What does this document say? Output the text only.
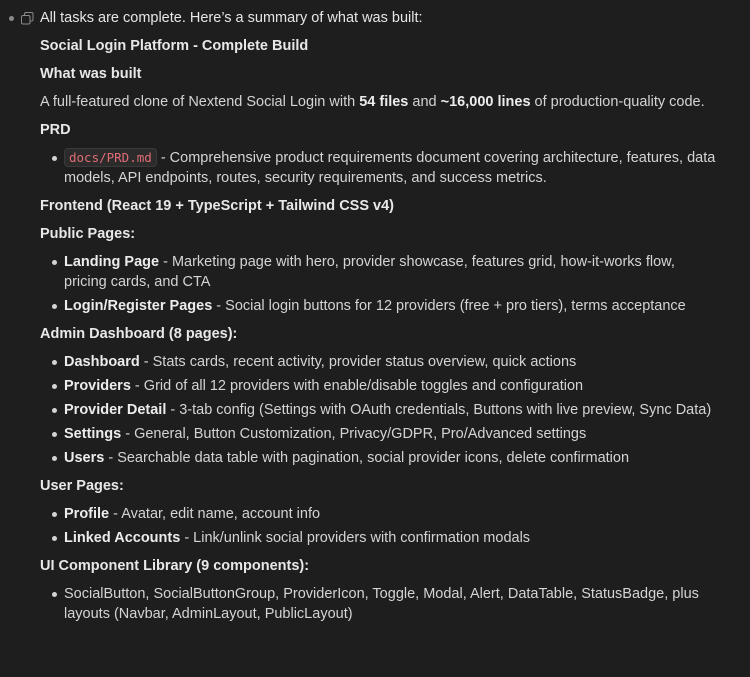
All tasks are complete. Here’s a summary of what was built:

Social Login Platform - Complete Build

What was built

A full-featured clone of Nextend Social Login with 54 files and ~16,000 lines of production-quality code.

PRD

docs/PRD.md - Comprehensive product requirements document covering architecture, features, data models, API endpoints, routes, security requirements, and success metrics.

Frontend (React 19 + TypeScript + Tailwind CSS v4)

Public Pages:

Landing Page - Marketing page with hero, provider showcase, features grid, how-it-works flow, pricing cards, and CTA
Login/Register Pages - Social login buttons for 12 providers (free + pro tiers), terms acceptance

Admin Dashboard (8 pages):

Dashboard - Stats cards, recent activity, provider status overview, quick actions
Providers - Grid of all 12 providers with enable/disable toggles and configuration
Provider Detail - 3-tab config (Settings with OAuth credentials, Buttons with live preview, Sync Data)
Settings - General, Button Customization, Privacy/GDPR, Pro/Advanced settings
Users - Searchable data table with pagination, social provider icons, delete confirmation

User Pages:

Profile - Avatar, edit name, account info
Linked Accounts - Link/unlink social providers with confirmation modals

UI Component Library (9 components):

SocialButton, SocialButtonGroup, ProviderIcon, Toggle, Modal, Alert, DataTable, StatusBadge, plus layouts (Navbar, AdminLayout, PublicLayout)
